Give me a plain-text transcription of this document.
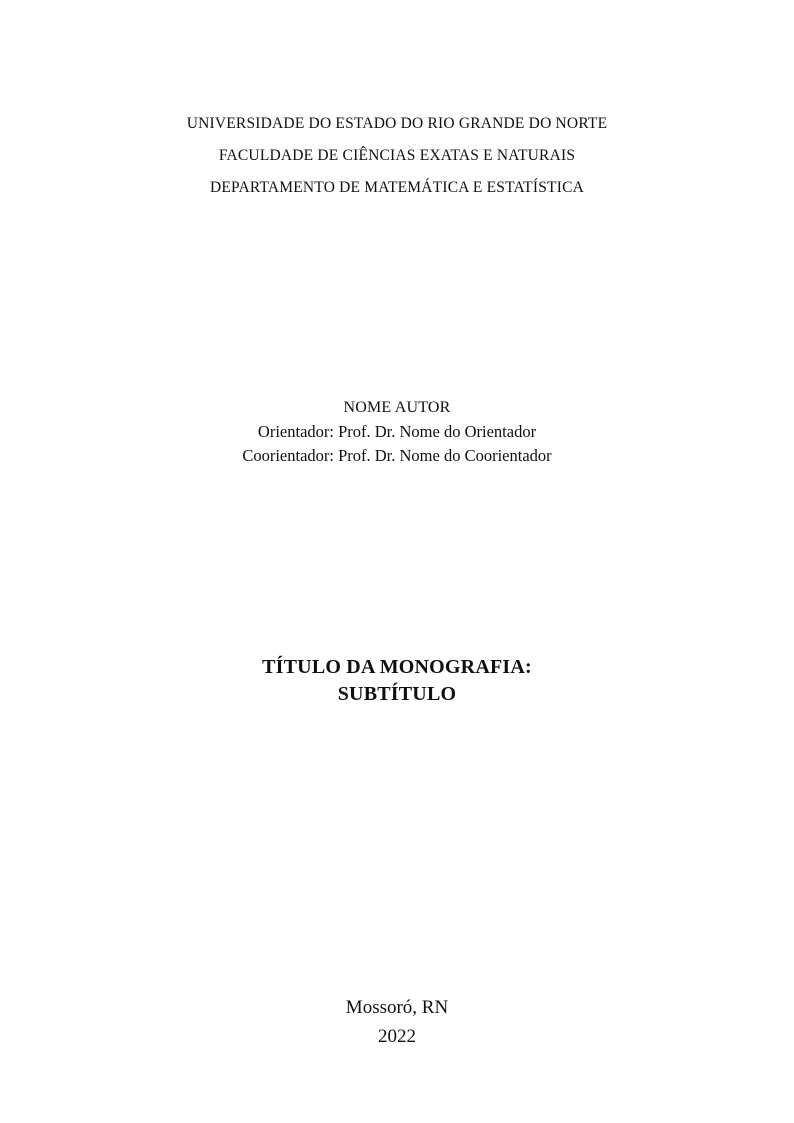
UNIVERSIDADE DO ESTADO DO RIO GRANDE DO NORTE
FACULDADE DE CIÊNCIAS EXATAS E NATURAIS
DEPARTAMENTO DE MATEMÁTICA E ESTATÍSTICA
NOME AUTOR
Orientador: Prof. Dr. Nome do Orientador
Coorientador: Prof. Dr. Nome do Coorientador
TÍTULO DA MONOGRAFIA:
SUBTÍTULO
Mossoró, RN
2022
